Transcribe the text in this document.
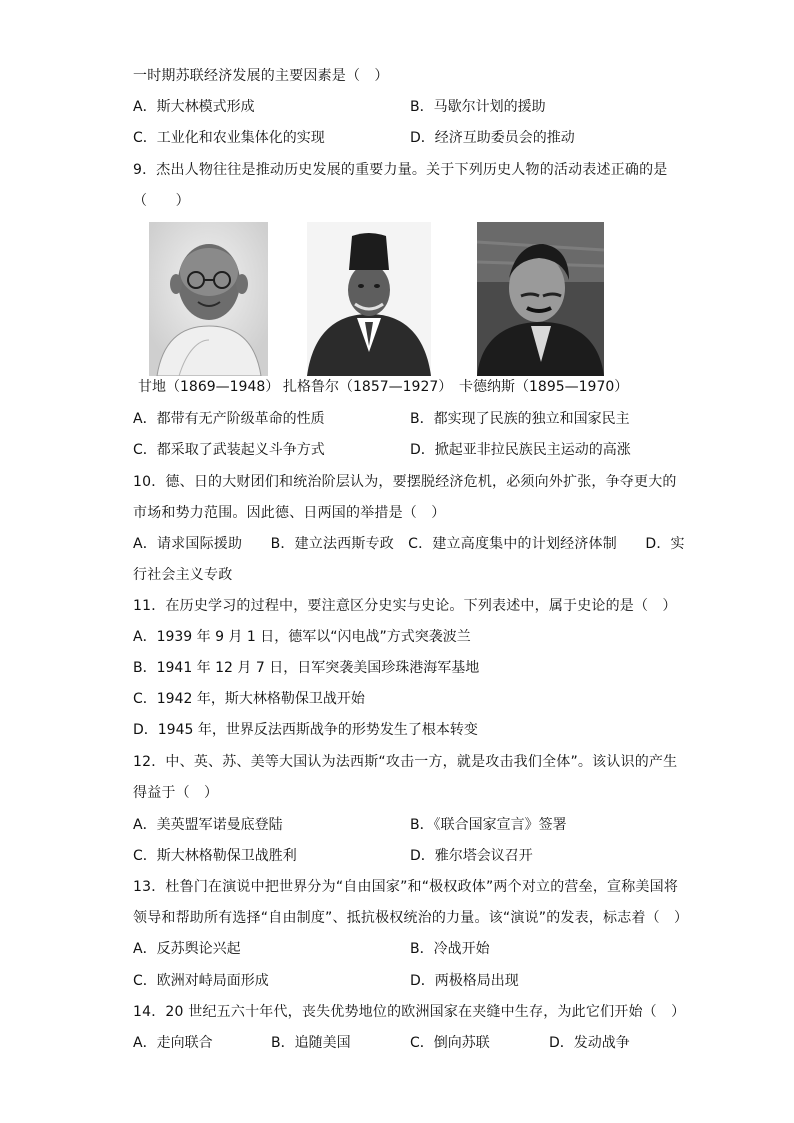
一时期苏联经济发展的主要因素是（　）
A．斯大林模式形成	B．马歇尔计划的援助
C．工业化和农业集体化的实现	D．经济互助委员会的推动
9．杰出人物往往是推动历史发展的重要力量。关于下列历史人物的活动表述正确的是
（　　）
甘地（1869—1948） 扎格鲁尔（1857—1927） 卡德纳斯（1895—1970）
A．都带有无产阶级革命的性质	B．都实现了民族的独立和国家民主
C．都采取了武装起义斗争方式	D．掀起亚非拉民族民主运动的高涨
10．德、日的大财团们和统治阶层认为，要摆脱经济危机，必须向外扩张，争夺更大的
市场和势力范围。因此德、日两国的举措是（　）
A．请求国际援助　　B．建立法西斯专政　C．建立高度集中的计划经济体制　　D．实
行社会主义专政
11．在历史学习的过程中，要注意区分史实与史论。下列表述中，属于史论的是（　）
A．1939 年 9 月 1 日，德军以“闪电战”方式突袭波兰
B．1941 年 12 月 7 日，日军突袭美国珍珠港海军基地
C．1942 年，斯大林格勒保卫战开始
D．1945 年，世界反法西斯战争的形势发生了根本转变
12．中、英、苏、美等大国认为法西斯“攻击一方，就是攻击我们全体”。该认识的产生
得益于（　）
A．美英盟军诺曼底登陆	B．《联合国家宣言》签署
C．斯大林格勒保卫战胜利	D．雅尔塔会议召开
13．杜鲁门在演说中把世界分为“自由国家”和“极权政体”两个对立的营垒，宣称美国将
领导和帮助所有选择“自由制度”、抵抗极权统治的力量。该“演说”的发表，标志着（　）
A．反苏舆论兴起	B．冷战开始
C．欧洲对峙局面形成	D．两极格局出现
14．20 世纪五六十年代，丧失优势地位的欧洲国家在夹缝中生存，为此它们开始（　）
A．走向联合	B．追随美国	C．倒向苏联	D．发动战争
